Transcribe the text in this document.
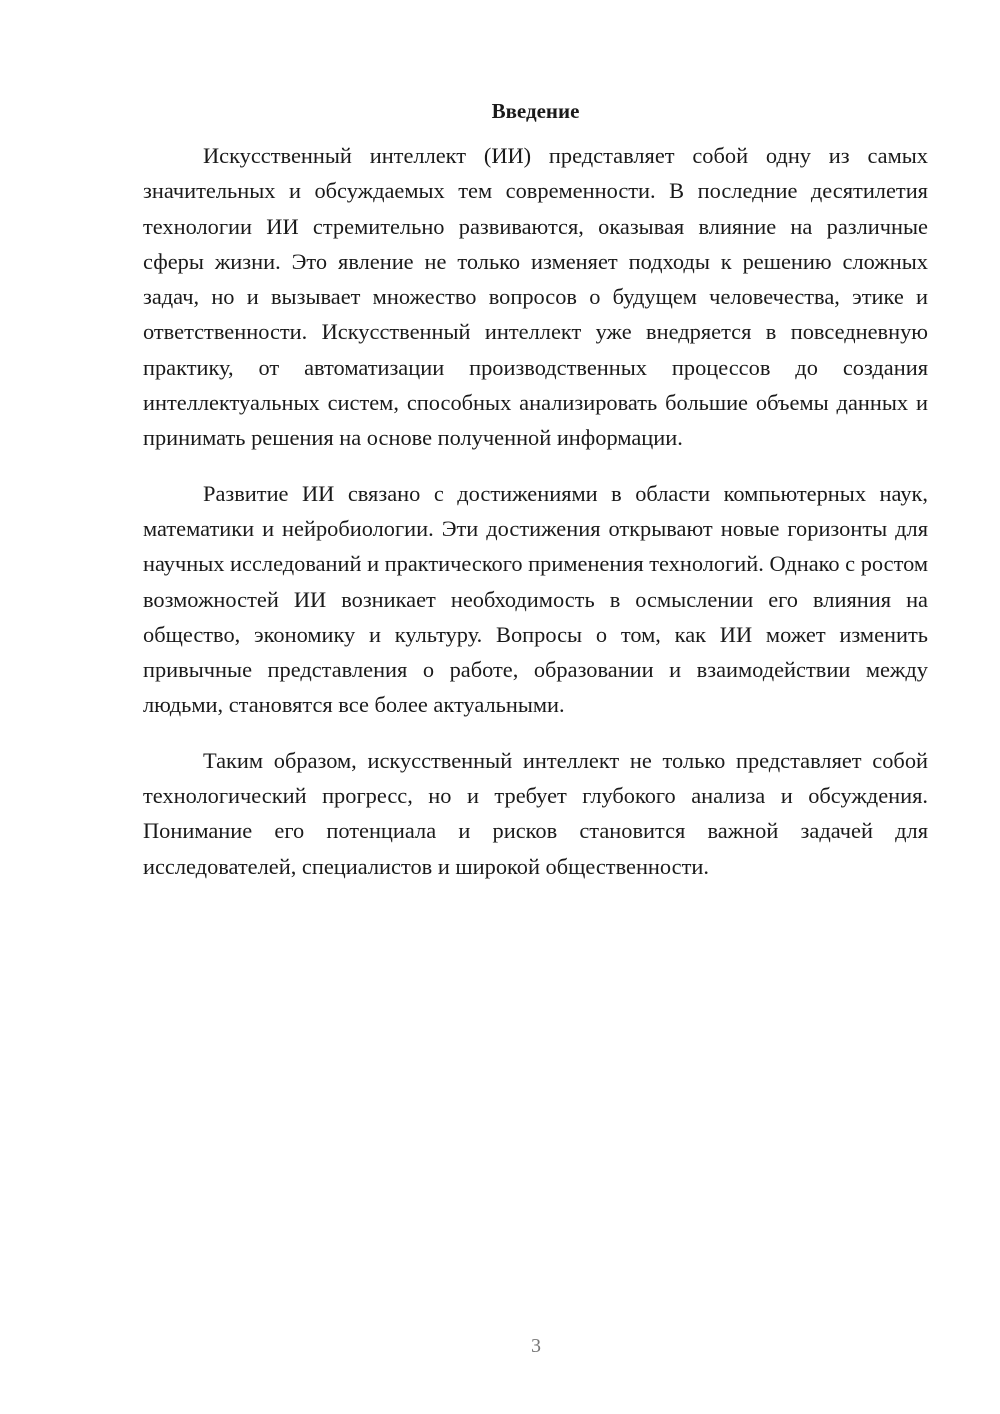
Введение

Искусственный интеллект (ИИ) представляет собой одну из самых значительных и обсуждаемых тем современности. В последние десятилетия технологии ИИ стремительно развиваются, оказывая влияние на различные сферы жизни. Это явление не только изменяет подходы к решению сложных задач, но и вызывает множество вопросов о будущем человечества, этике и ответственности. Искусственный интеллект уже внедряется в повседневную практику, от автоматизации производственных процессов до создания интеллектуальных систем, способных анализировать большие объемы данных и принимать решения на основе полученной информации.

Развитие ИИ связано с достижениями в области компьютерных наук, математики и нейробиологии. Эти достижения открывают новые горизонты для научных исследований и практического применения технологий. Однако с ростом возможностей ИИ возникает необходимость в осмыслении его влияния на общество, экономику и культуру. Вопросы о том, как ИИ может изменить привычные представления о работе, образовании и взаимодействии между людьми, становятся все более актуальными.

Таким образом, искусственный интеллект не только представляет собой технологический прогресс, но и требует глубокого анализа и обсуждения. Понимание его потенциала и рисков становится важной задачей для исследователей, специалистов и широкой общественности.

3
